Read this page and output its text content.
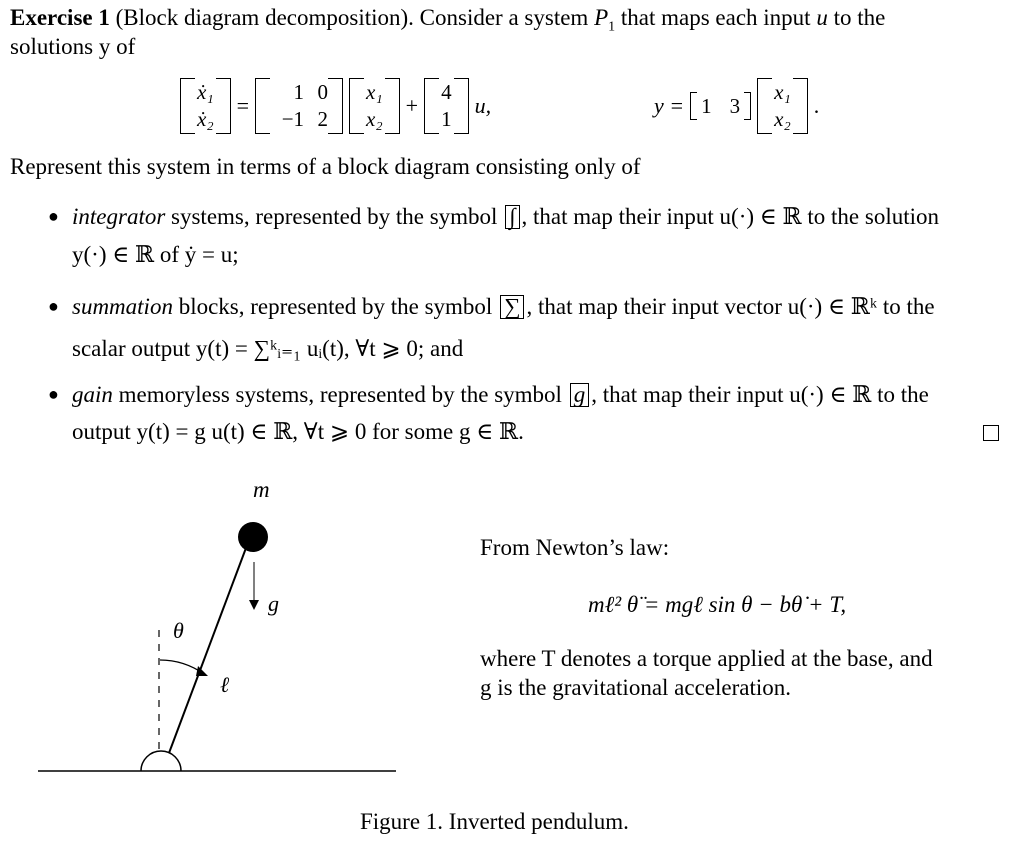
Exercise 1 (Block diagram decomposition). Consider a system $P_1$ that maps each input u to the
solutions y of
ẋ₁
ẋ₂
=
1 0
−1 2
x₁
x₂
+
4
1
u,	y = 1 3
x₁
x₂
.
Represent this system in terms of a block diagram consisting only of
● integrator systems, represented by the symbol ∫ , that map their input u(·) ∈ ℝ to the solution
y(·) ∈ ℝ of ẏ = u;
● summation blocks, represented by the symbol ∑ , that map their input vector u(·) ∈ ℝᵏ to the
scalar output y(t) = ∑ᵏᵢ₌₁ uᵢ(t), ∀t ⩾ 0; and
● gain memoryless systems, represented by the symbol g , that map their input u(·) ∈ ℝ to the
output y(t) = g u(t) ∈ ℝ, ∀t ⩾ 0 for some g ∈ ℝ.
m
g
θ
ℓ
From Newton’s law:
mℓ² θ̈ = mgℓ sin θ − bθ̇ + T,
where T denotes a torque applied at the base, and
g is the gravitational acceleration.
Figure 1. Inverted pendulum.
